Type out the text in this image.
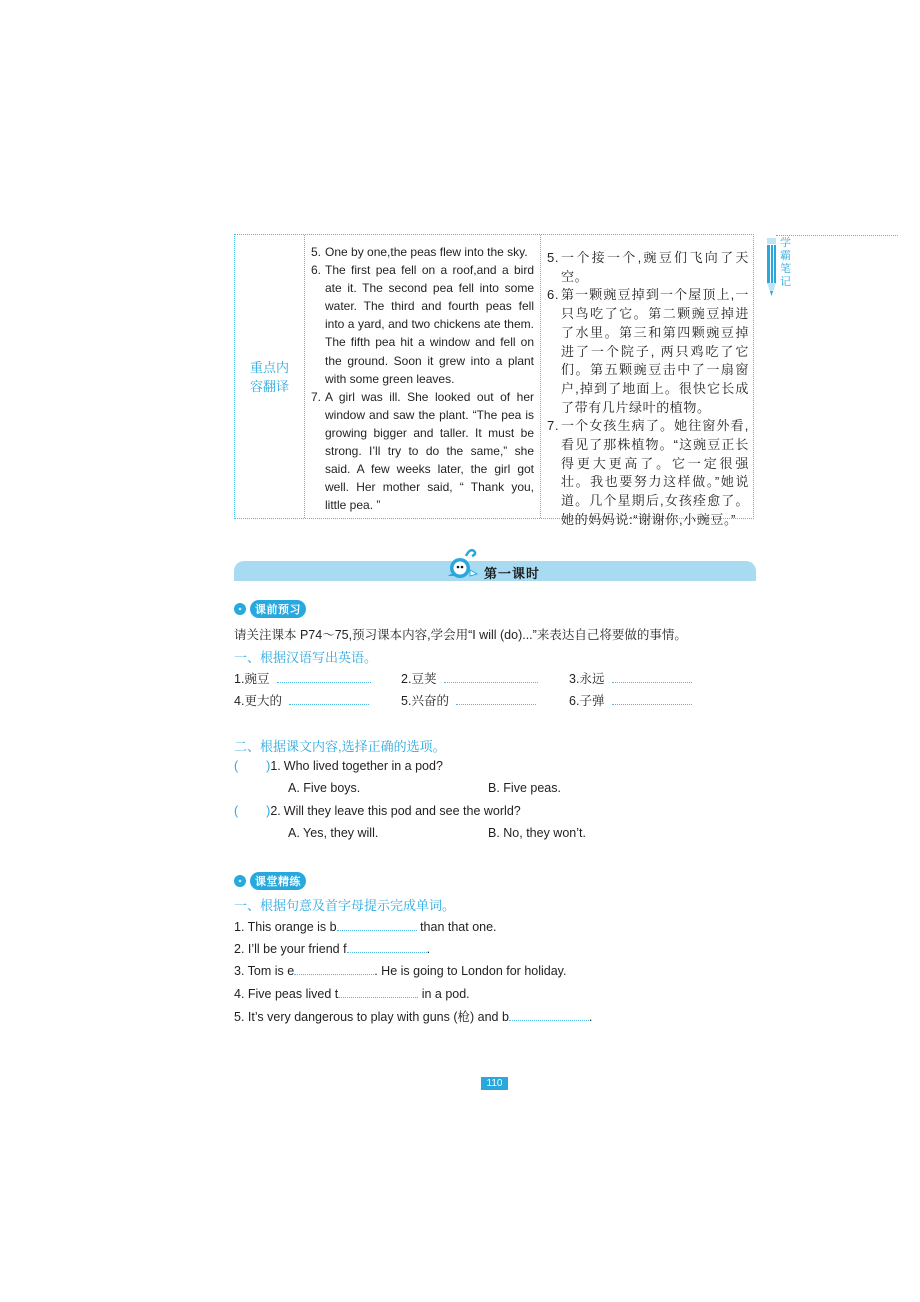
重点内
容翻译
5. One by one,the peas flew into the sky.
6. The first pea fell on a roof,and a bird ate it. The second pea fell into some water. The third and fourth peas fell into a yard, and two chickens ate them. The fifth pea hit a window and fell on the ground. Soon it grew into a plant with some green leaves.
7. A girl was ill. She looked out of her window and saw the plant. “The pea is growing bigger and taller. It must be strong. I’ll try to do the same,” she said. A few weeks later, the girl got well. Her mother said, “ Thank you, little pea. ”
5. 一个接一个,豌豆们飞向了天空。
6. 第一颗豌豆掉到一个屋顶上,一只鸟吃了它。第二颗豌豆掉进了水里。第三和第四颗豌豆掉进了一个院子, 两只鸡吃了它们。第五颗豌豆击中了一扇窗户,掉到了地面上。很快它长成了带有几片绿叶的植物。
7. 一个女孩生病了。她往窗外看,看见了那株植物。“这豌豆正长得更大更高了。它一定很强壮。我也要努力这样做。”她说道。几个星期后,女孩痊愈了。她的妈妈说:“谢谢你,小豌豆。”
学
霸
笔
记
第一课时
课前预习
请关注课本 P74～75,预习课本内容,学会用“I will (do)...”来表达自己将要做的事情。
一、根据汉语写出英语。
1.豌豆	2.豆荚	3.永远
4.更大的	5.兴奋的	6.子弹
二、根据课文内容,选择正确的选项。
( ) 1. Who lived together in a pod?
A. Five boys.	B. Five peas.
( ) 2. Will they leave this pod and see the world?
A. Yes, they will.	B. No, they won’t.
课堂精练
一、根据句意及首字母提示完成单词。
1. This orange is b	than that one.
2. I’ll be your friend f	.
3. Tom is e	. He is going to London for holiday.
4. Five peas lived t	in a pod.
5. It’s very dangerous to play with guns (枪) and b	.
110
